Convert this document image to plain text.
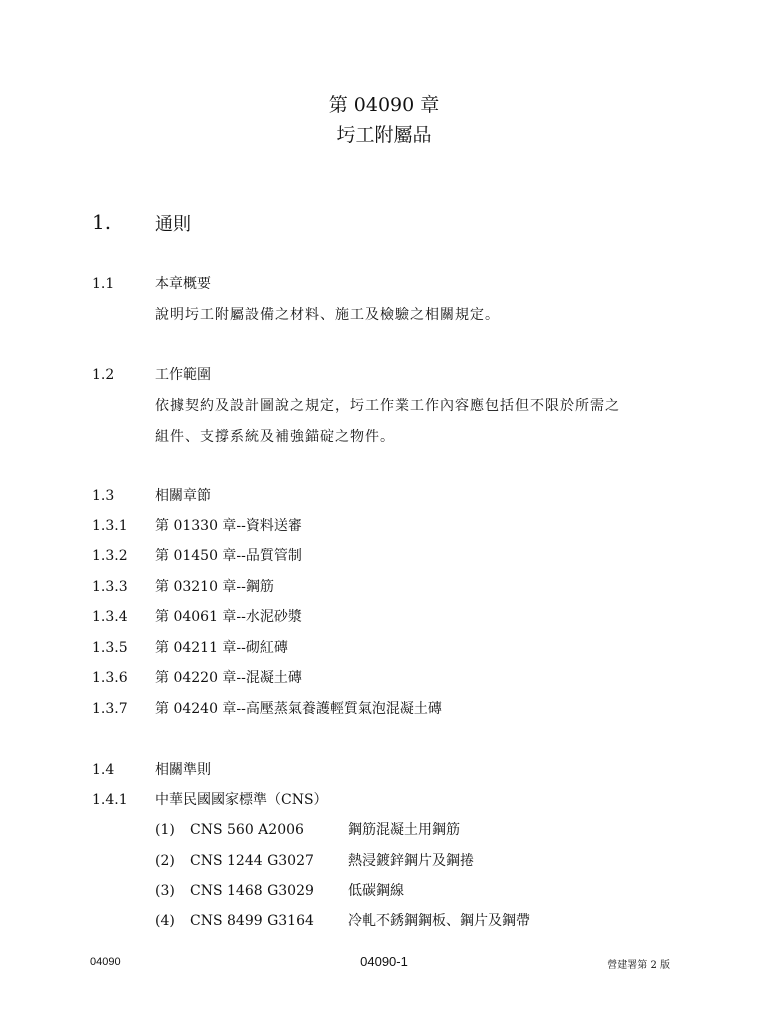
第 04090 章
圬工附屬品
1. 通則
1.1	本章概要
說明圬工附屬設備之材料、施工及檢驗之相關規定。
1.2	工作範圍
依據契約及設計圖說之規定，圬工作業工作內容應包括但不限於所需之
組件、支撐系統及補強錨碇之物件。
1.3	相關章節
1.3.1 第 01330 章--資料送審
1.3.2 第 01450 章--品質管制
1.3.3 第 03210 章--鋼筋
1.3.4 第 04061 章--水泥砂漿
1.3.5 第 04211 章--砌紅磚
1.3.6 第 04220 章--混凝土磚
1.3.7 第 04240 章--高壓蒸氣養護輕質氣泡混凝土磚
1.4	相關準則
1.4.1 中華民國國家標準（CNS）
(1) CNS 560 A2006	鋼筋混凝土用鋼筋
(2) CNS 1244 G3027 熱浸鍍鋅鋼片及鋼捲
(3) CNS 1468 G3029 低碳鋼線
(4) CNS 8499 G3164 冷軋不銹鋼鋼板、鋼片及鋼帶
04090	04090-1	營建署第 2 版
